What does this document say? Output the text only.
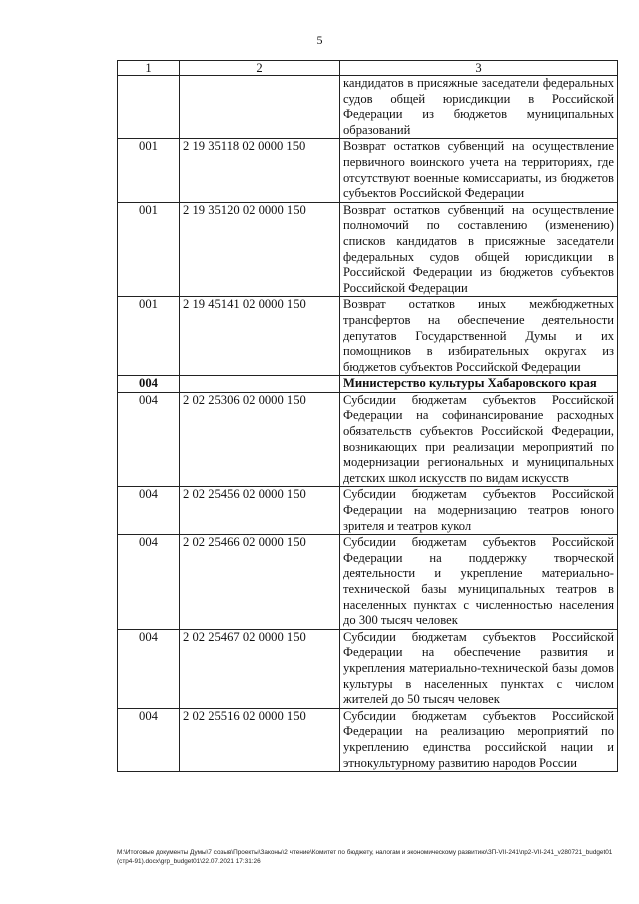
5
1	2	3
		кандидатов в присяжные заседатели федеральных судов общей юрисдикции в Российской Федерации из бюджетов муниципальных образований
001	2 19 35118 02 0000 150	Возврат остатков субвенций на осуществление первичного воинского учета на территориях, где отсутствуют военные комиссариаты, из бюджетов субъектов Российской Федерации
001	2 19 35120 02 0000 150	Возврат остатков субвенций на осуществление полномочий по составлению (изменению) списков кандидатов в присяжные заседатели федеральных судов общей юрисдикции в Российской Федерации из бюджетов субъектов Российской Федерации
001	2 19 45141 02 0000 150	Возврат остатков иных межбюджетных трансфертов на обеспечение деятельности депутатов Государственной Думы и их помощников в избирательных округах из бюджетов субъектов Российской Федерации
004		Министерство культуры Хабаровского края
004	2 02 25306 02 0000 150	Субсидии бюджетам субъектов Российской Федерации на софинансирование расходных обязательств субъектов Российской Федерации, возникающих при реализации мероприятий по модернизации региональных и муниципальных детских школ искусств по видам искусств
004	2 02 25456 02 0000 150	Субсидии бюджетам субъектов Российской Федерации на модернизацию театров юного зрителя и театров кукол
004	2 02 25466 02 0000 150	Субсидии бюджетам субъектов Российской Федерации на поддержку творческой деятельности и укрепление материально-технической базы муниципальных театров в населенных пунктах с численностью населения до 300 тысяч человек
004	2 02 25467 02 0000 150	Субсидии бюджетам субъектов Российской Федерации на обеспечение развития и укрепления материально-технической базы домов культуры в населенных пунктах с числом жителей до 50 тысяч человек
004	2 02 25516 02 0000 150	Субсидии бюджетам субъектов Российской Федерации на реализацию мероприятий по укреплению единства российской нации и этнокультурному развитию народов России
М:\Итоговые документы Думы\7 созыв\Проекты\Законы\2 чтение\Комитет по бюджету, налогам и экономическому развитию\ЗП-VII-241\пр2-VII-241_v280721_budget01(стр4-91).docx\grp_budget01\22.07.2021 17:31:26
